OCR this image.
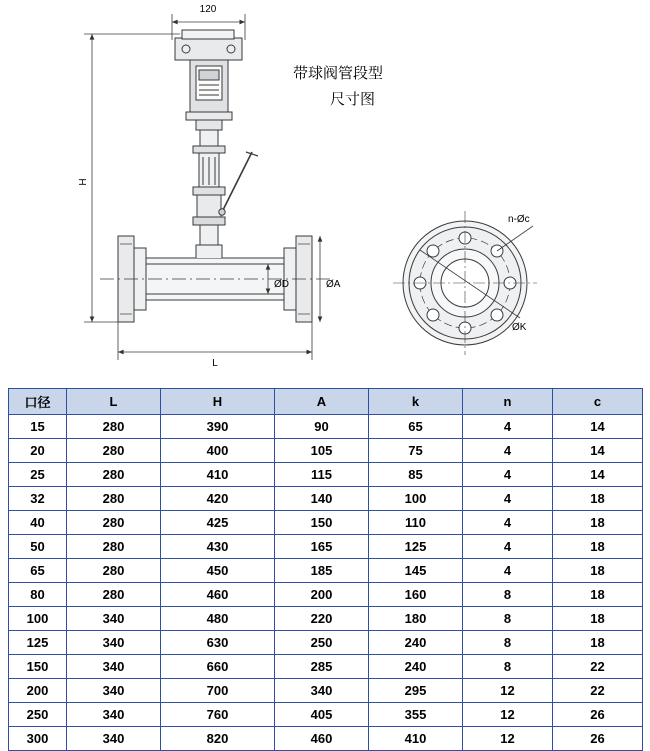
120
H
L
ØD	ØA
n-Øc
ØK
带球阀管段型
尺寸图
口径	L	H	A	k	n	c
15	280	390	90	65	4	14
20	280	400	105	75	4	14
25	280	410	115	85	4	14
32	280	420	140	100	4	18
40	280	425	150	110	4	18
50	280	430	165	125	4	18
65	280	450	185	145	4	18
80	280	460	200	160	8	18
100	340	480	220	180	8	18
125	340	630	250	240	8	18
150	340	660	285	240	8	22
200	340	700	340	295	12	22
250	340	760	405	355	12	26
300	340	820	460	410	12	26
